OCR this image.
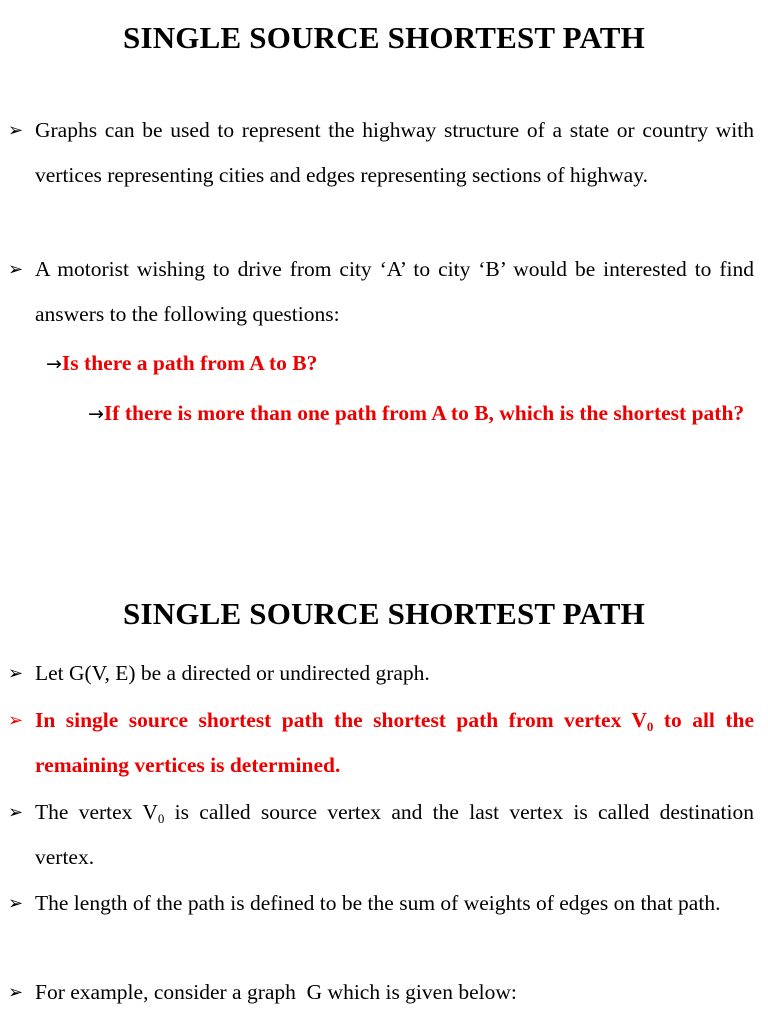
SINGLE SOURCE SHORTEST PATH
➢ Graphs can be used to represent the highway structure of a state or country with vertices representing cities and edges representing sections of highway.
➢ A motorist wishing to drive from city ‘A’ to city ‘B’ would be interested to find answers to the following questions:
→Is there a path from A to B?
→If there is more than one path from A to B, which is the shortest path?
SINGLE SOURCE SHORTEST PATH
➢ Let G(V, E) be a directed or undirected graph.
➢ In single source shortest path the shortest path from vertex $V_0$ to all the remaining vertices is determined.
➢ The vertex $V_0$ is called source vertex and the last vertex is called destination vertex.
➢ The length of the path is defined to be the sum of weights of edges on that path.
➢ For example, consider a graph  G which is given below:
